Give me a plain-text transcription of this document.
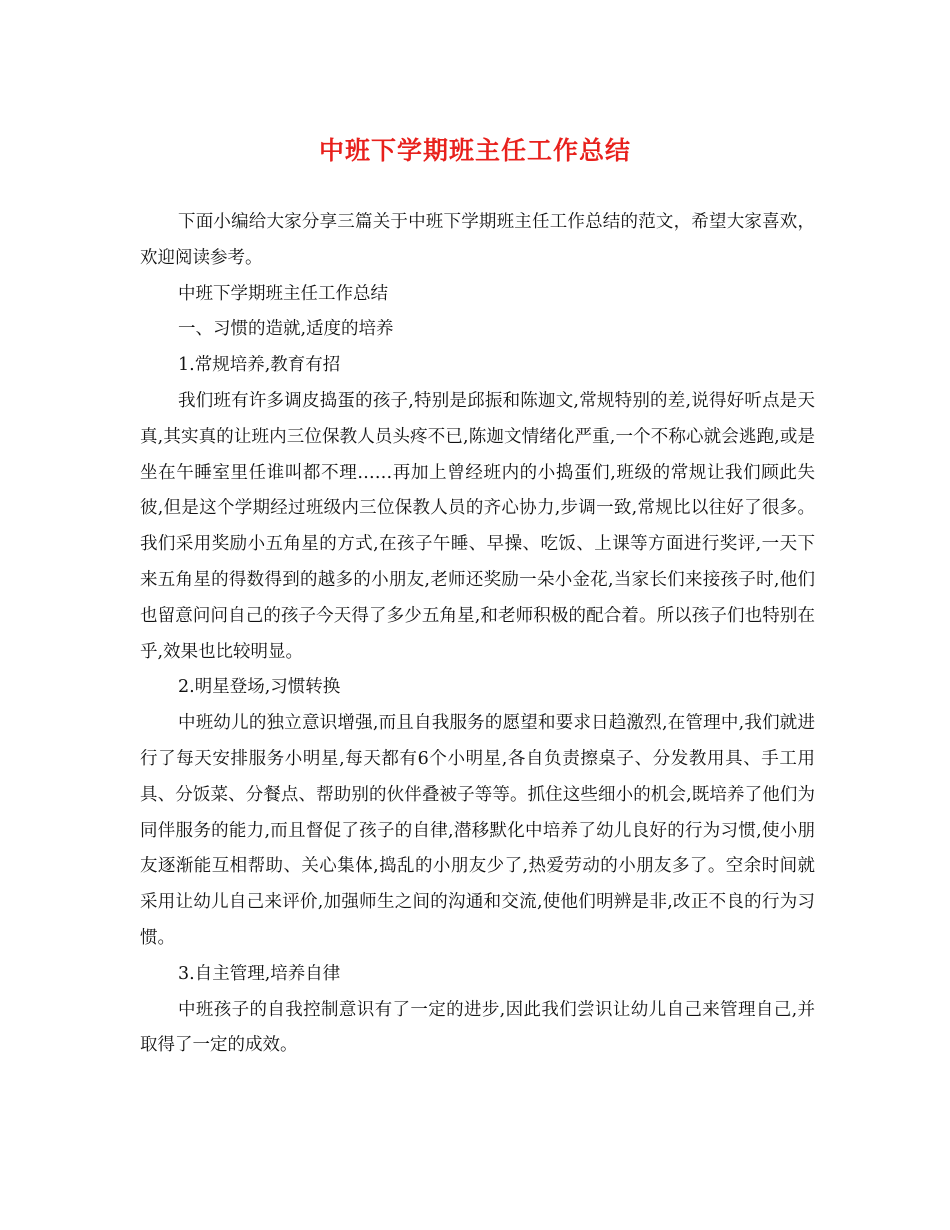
中班下学期班主任工作总结

下面小编给大家分享三篇关于中班下学期班主任工作总结的范文，希望大家喜欢，欢迎阅读参考。

中班下学期班主任工作总结

一、习惯的造就,适度的培养

1.常规培养,教育有招

我们班有许多调皮捣蛋的孩子,特别是邱振和陈迦文,常规特别的差,说得好听点是天真,其实真的让班内三位保教人员头疼不已,陈迦文情绪化严重,一个不称心就会逃跑,或是坐在午睡室里任谁叫都不理……再加上曾经班内的小捣蛋们,班级的常规让我们顾此失彼,但是这个学期经过班级内三位保教人员的齐心协力,步调一致,常规比以往好了很多。我们采用奖励小五角星的方式,在孩子午睡、早操、吃饭、上课等方面进行奖评,一天下来五角星的得数得到的越多的小朋友,老师还奖励一朵小金花,当家长们来接孩子时,他们也留意问问自己的孩子今天得了多少五角星,和老师积极的配合着。所以孩子们也特别在乎,效果也比较明显。

2.明星登场,习惯转换

中班幼儿的独立意识增强,而且自我服务的愿望和要求日趋激烈,在管理中,我们就进行了每天安排服务小明星,每天都有6个小明星,各自负责擦桌子、分发教用具、手工用具、分饭菜、分餐点、帮助别的伙伴叠被子等等。抓住这些细小的机会,既培养了他们为同伴服务的能力,而且督促了孩子的自律,潜移默化中培养了幼儿良好的行为习惯,使小朋友逐渐能互相帮助、关心集体,捣乱的小朋友少了,热爱劳动的小朋友多了。空余时间就采用让幼儿自己来评价,加强师生之间的沟通和交流,使他们明辨是非,改正不良的行为习惯。

3.自主管理,培养自律

中班孩子的自我控制意识有了一定的进步,因此我们尝识让幼儿自己来管理自己,并取得了一定的成效。
